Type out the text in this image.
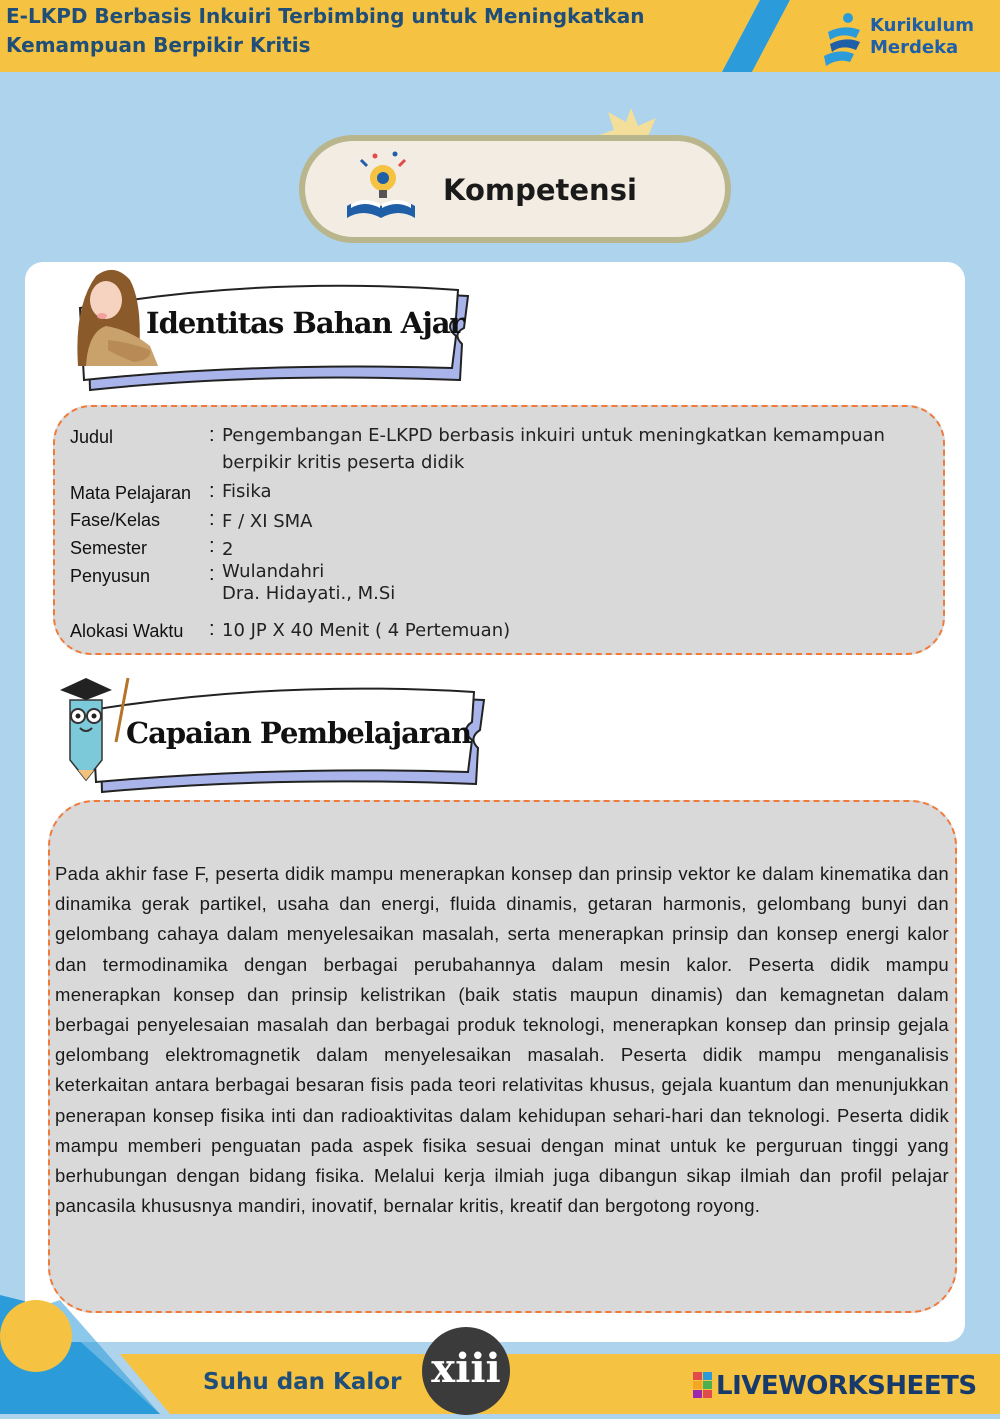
E-LKPD Berbasis Inkuiri Terbimbing untuk Meningkatkan
Kemampuan Berpikir Kritis
Kurikulum
Merdeka
Kompetensi
Identitas Bahan Ajar
Judul	: Pengembangan E-LKPD berbasis inkuiri untuk meningkatkan kemampuan
berpikir kritis peserta didik
Mata Pelajaran : Fisika
Fase/Kelas : F / XI SMA
Semester	: 2
Penyusun	: Wulandahri
Dra. Hidayati., M.Si
Alokasi Waktu : 10 JP X 40 Menit ( 4 Pertemuan)
Capaian Pembelajaran
Pada akhir fase F, peserta didik mampu menerapkan konsep dan prinsip vektor ke dalam kinematika dan dinamika gerak partikel, usaha dan energi, fluida dinamis, getaran harmonis, gelombang bunyi dan gelombang cahaya dalam menyelesaikan masalah, serta menerapkan prinsip dan konsep energi kalor dan termodinamika dengan berbagai perubahannya dalam mesin kalor. Peserta didik mampu menerapkan konsep dan prinsip kelistrikan (baik statis maupun dinamis) dan kemagnetan dalam berbagai penyelesaian masalah dan berbagai produk teknologi, menerapkan konsep dan prinsip gejala gelombang elektromagnetik dalam menyelesaikan masalah. Peserta didik mampu menganalisis keterkaitan antara berbagai besaran fisis pada teori relativitas khusus, gejala kuantum dan menunjukkan penerapan konsep fisika inti dan radioaktivitas dalam kehidupan sehari-hari dan teknologi. Peserta didik mampu memberi penguatan pada aspek fisika sesuai dengan minat untuk ke perguruan tinggi yang berhubungan dengan bidang fisika. Melalui kerja ilmiah juga dibangun sikap ilmiah dan profil pelajar pancasila khususnya mandiri, inovatif, bernalar kritis, kreatif dan bergotong royong.
Suhu dan Kalor xiii	LIVEWORKSHEETS
